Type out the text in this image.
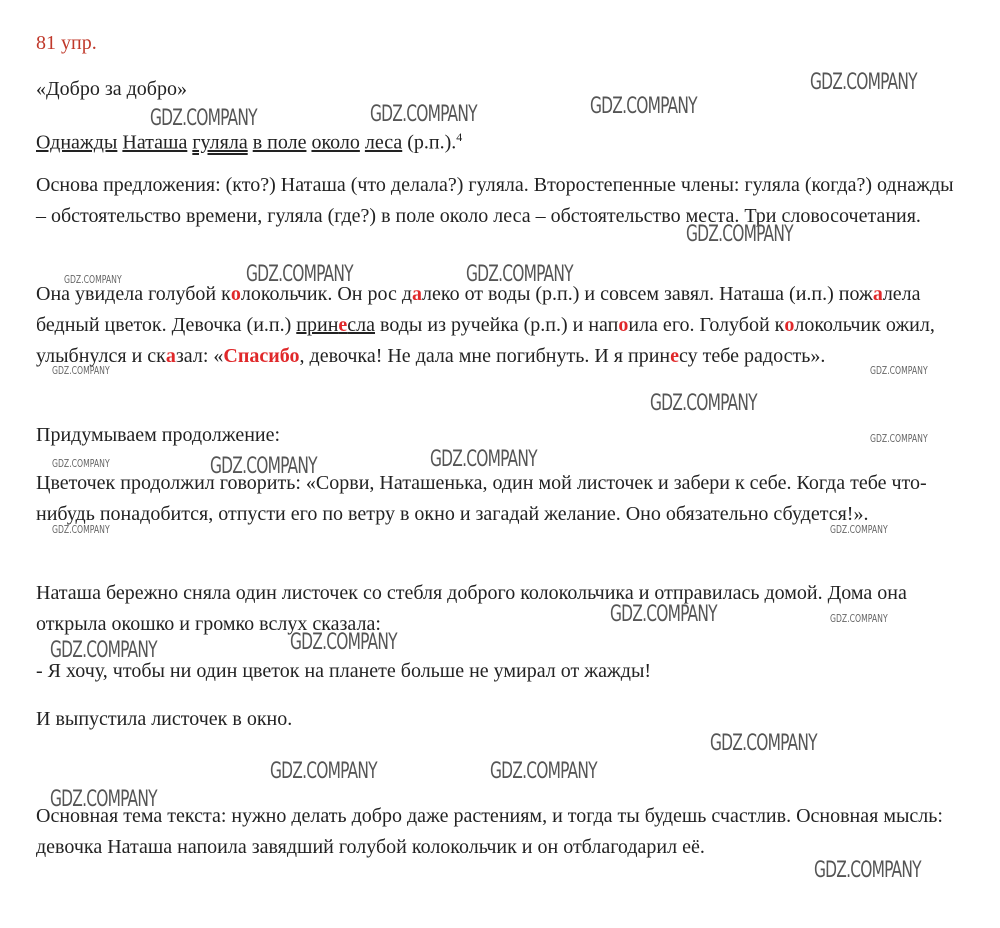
81 упр.

«Добро за добро»

Однажды Наташа гуляла в поле около леса (р.п.).$^4$

Основа предложения: (кто?) Наташа (что делала?) гуляла. Второстепенные члены: гуляла (когда?) однажды – обстоятельство времени, гуляла (где?) в поле около леса – обстоятельство места. Три словосочетания.

Она увидела голубой колокольчик. Он рос далеко от воды (р.п.) и совсем завял. Наташа (и.п.) пожалела бедный цветок. Девочка (и.п.) принесла воды из ручейка (р.п.) и напоила его. Голубой колокольчик ожил, улыбнулся и сказал: «Спасибо, девочка! Не дала мне погибнуть. И я принесу тебе радость».

Придумываем продолжение:

Цветочек продолжил говорить: «Сорви, Наташенька, один мой листочек и забери к себе. Когда тебе что-нибудь понадобится, отпусти его по ветру в окно и загадай желание. Оно обязательно сбудется!».

Наташа бережно сняла один листочек со стебля доброго колокольчика и отправилась домой. Дома она открыла окошко и громко вслух сказала:

- Я хочу, чтобы ни один цветок на планете больше не умирал от жажды!

И выпустила листочек в окно.

Основная тема текста: нужно делать добро даже растениям, и тогда ты будешь счастлив. Основная мысль: девочка Наташа напоила завядший голубой колокольчик и он отблагодарил её.

GDZ.COMPANY
GDZ.COMPANY	GDZ.COMPANY	GDZ.COMPANY
GDZ.COMPANY
GDZ.COMPANY	GDZ.COMPANY	GDZ.COMPANY
GDZ.COMPANY	GDZ.COMPANY
GDZ.COMPANY
GDZ.COMPANY
GDZ.COMPANY	GDZ.COMPANY	GDZ.COMPANY
GDZ.COMPANY	GDZ.COMPANY
GDZ.COMPANY	GDZ.COMPANY
GDZ.COMPANY	GDZ.COMPANY
GDZ.COMPANY
GDZ.COMPANY	GDZ.COMPANY
GDZ.COMPANY
GDZ.COMPANY
